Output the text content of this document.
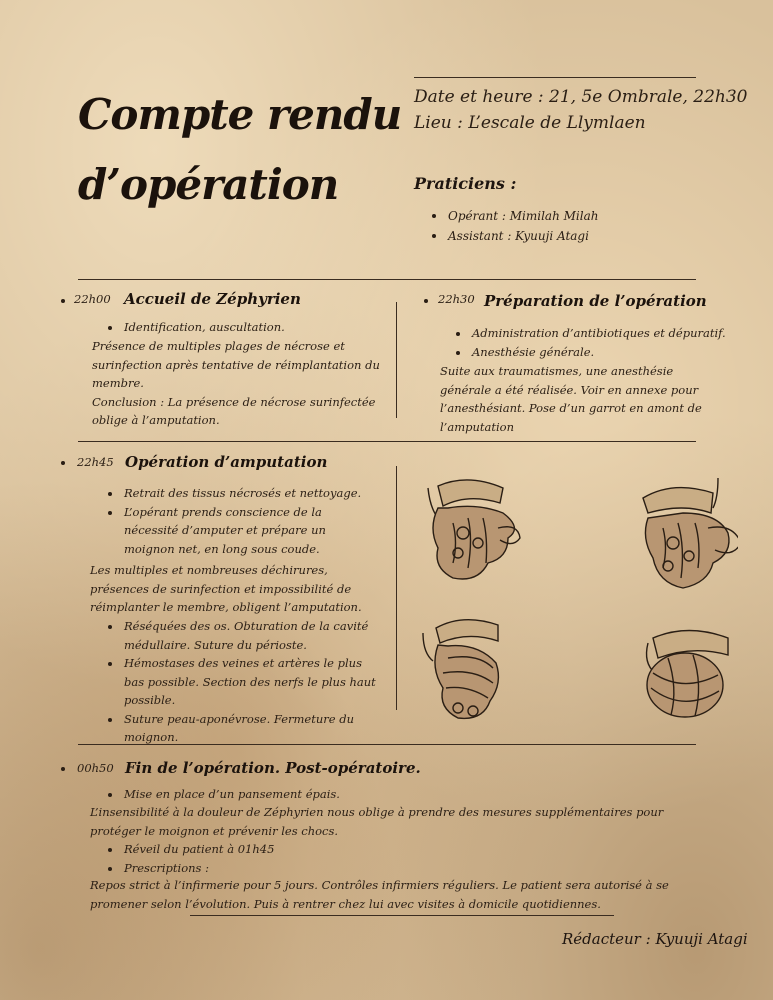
Compte rendu
d’opération
Date et heure : 21, 5e Ombrale, 22h30
Lieu : L’escale de Llymlaen
Praticiens :
Opérant : Mimilah Milah
Assistant : Kyuuji Atagi
22h00 Accueil de Zéphyrien
Identification, auscultation.

Présence de multiples plages de nécrose et surinfection après tentative de réimplantation du membre.

Conclusion : La présence de nécrose surinfectée oblige à l’amputation.

22h30 Préparation de l’opération
Administration d’antibiotiques et dépuratif.
Anesthésie générale.
Suite aux traumatismes, une anesthésie générale a été réalisée. Voir en annexe pour l’anesthésiant. Pose d’un garrot en amont de l’amputation
22h45 Opération d’amputation
Retrait des tissus nécrosés et nettoyage.
L’opérant prends conscience de la nécessité d’amputer et prépare un moignon net, en long sous coude.
Les multiples et nombreuses déchirures, présences de surinfection et impossibilité de réimplanter le membre, obligent l’amputation.
Réséquées des os. Obturation de la cavité médullaire. Suture du périoste.
Hémostases des veines et artères le plus bas possible. Section des nerfs le plus haut possible.
Suture peau-aponévrose. Fermeture du moignon.
00h50 Fin de l’opération. Post-opératoire.
Mise en place d’un pansement épais.
L’insensibilité à la douleur de Zéphyrien nous oblige à prendre des mesures supplémentaires pour protéger le moignon et prévenir les chocs.
Réveil du patient à 01h45
Prescriptions :
Repos strict à l’infirmerie pour 5 jours. Contrôles infirmiers réguliers. Le patient sera autorisé à se promener selon l’évolution. Puis à rentrer chez lui avec visites à domicile quotidiennes.
Rédacteur : Kyuuji Atagi
